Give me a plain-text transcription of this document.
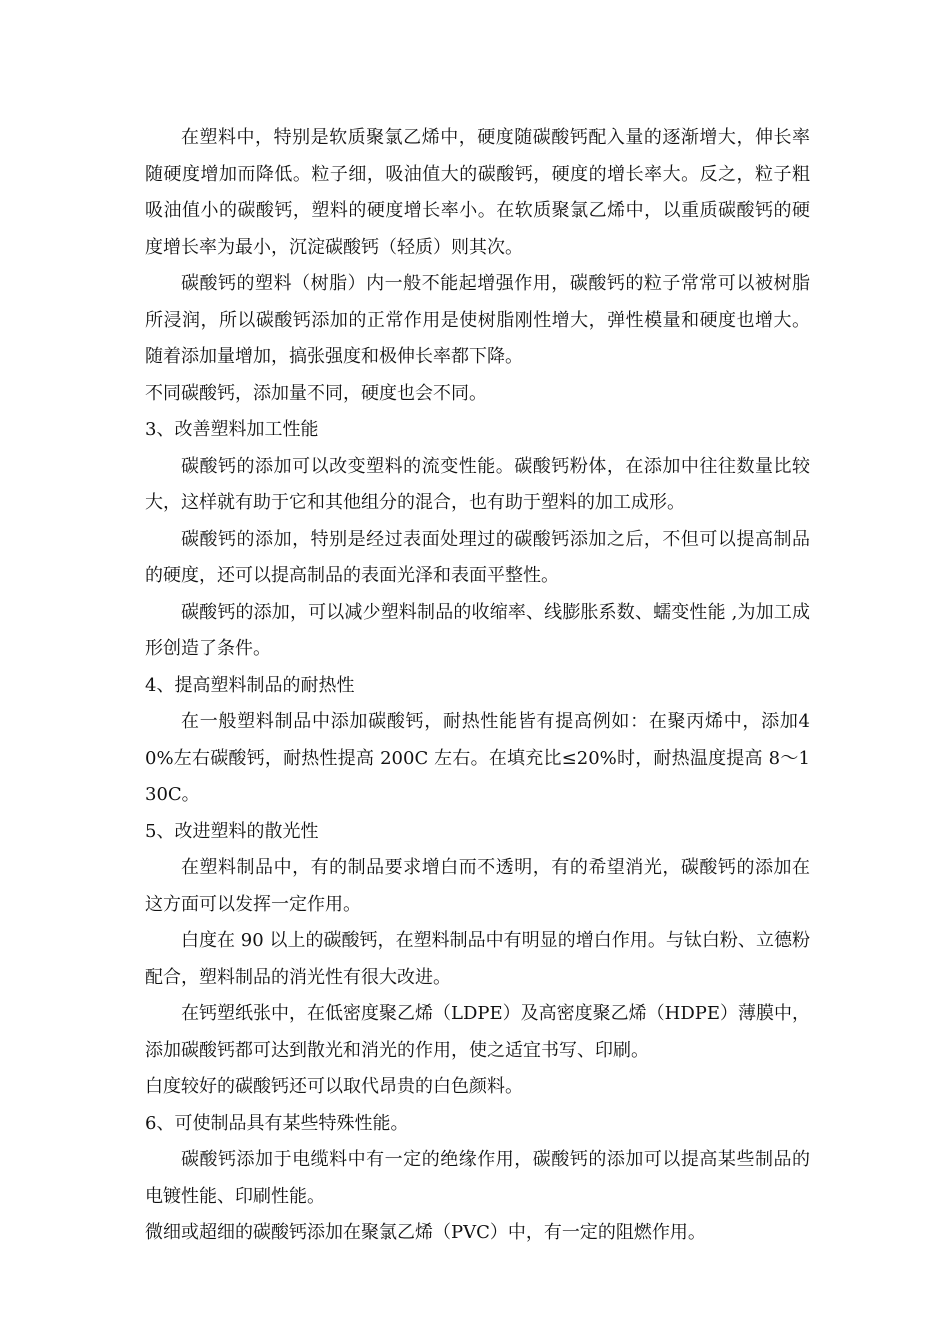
在塑料中，特别是软质聚氯乙烯中，硬度随碳酸钙配入量的逐渐增大，伸长率随硬度增加而降低。粒子细，吸油值大的碳酸钙，硬度的增长率大。反之，粒子粗吸油值小的碳酸钙，塑料的硬度增长率小。在软质聚氯乙烯中，以重质碳酸钙的硬度增长率为最小，沉淀碳酸钙（轻质）则其次。

碳酸钙的塑料（树脂）内一般不能起增强作用，碳酸钙的粒子常常可以被树脂所浸润，所以碳酸钙添加的正常作用是使树脂刚性增大，弹性模量和硬度也增大。随着添加量增加，搞张强度和极伸长率都下降。

不同碳酸钙，添加量不同，硬度也会不同。

3、改善塑料加工性能

碳酸钙的添加可以改变塑料的流变性能。碳酸钙粉体，在添加中往往数量比较大，这样就有助于它和其他组分的混合，也有助于塑料的加工成形。

碳酸钙的添加，特别是经过表面处理过的碳酸钙添加之后，不但可以提高制品的硬度，还可以提高制品的表面光泽和表面平整性。

碳酸钙的添加，可以减少塑料制品的收缩率、线膨胀系数、蠕变性能 ,为加工成形创造了条件。

4、提高塑料制品的耐热性

在一般塑料制品中添加碳酸钙，耐热性能皆有提高例如：在聚丙烯中，添加40%左右碳酸钙，耐热性提高 200C 左右。在填充比≤20%时，耐热温度提高 8～130C。

5、改进塑料的散光性

在塑料制品中，有的制品要求增白而不透明，有的希望消光，碳酸钙的添加在这方面可以发挥一定作用。

白度在 90 以上的碳酸钙，在塑料制品中有明显的增白作用。与钛白粉、立德粉配合，塑料制品的消光性有很大改进。

在钙塑纸张中，在低密度聚乙烯（LDPE）及高密度聚乙烯（HDPE）薄膜中，添加碳酸钙都可达到散光和消光的作用，使之适宜书写、印刷。

白度较好的碳酸钙还可以取代昂贵的白色颜料。

6、可使制品具有某些特殊性能。

碳酸钙添加于电缆料中有一定的绝缘作用，碳酸钙的添加可以提高某些制品的电镀性能、印刷性能。

微细或超细的碳酸钙添加在聚氯乙烯（PVC）中，有一定的阻燃作用。
